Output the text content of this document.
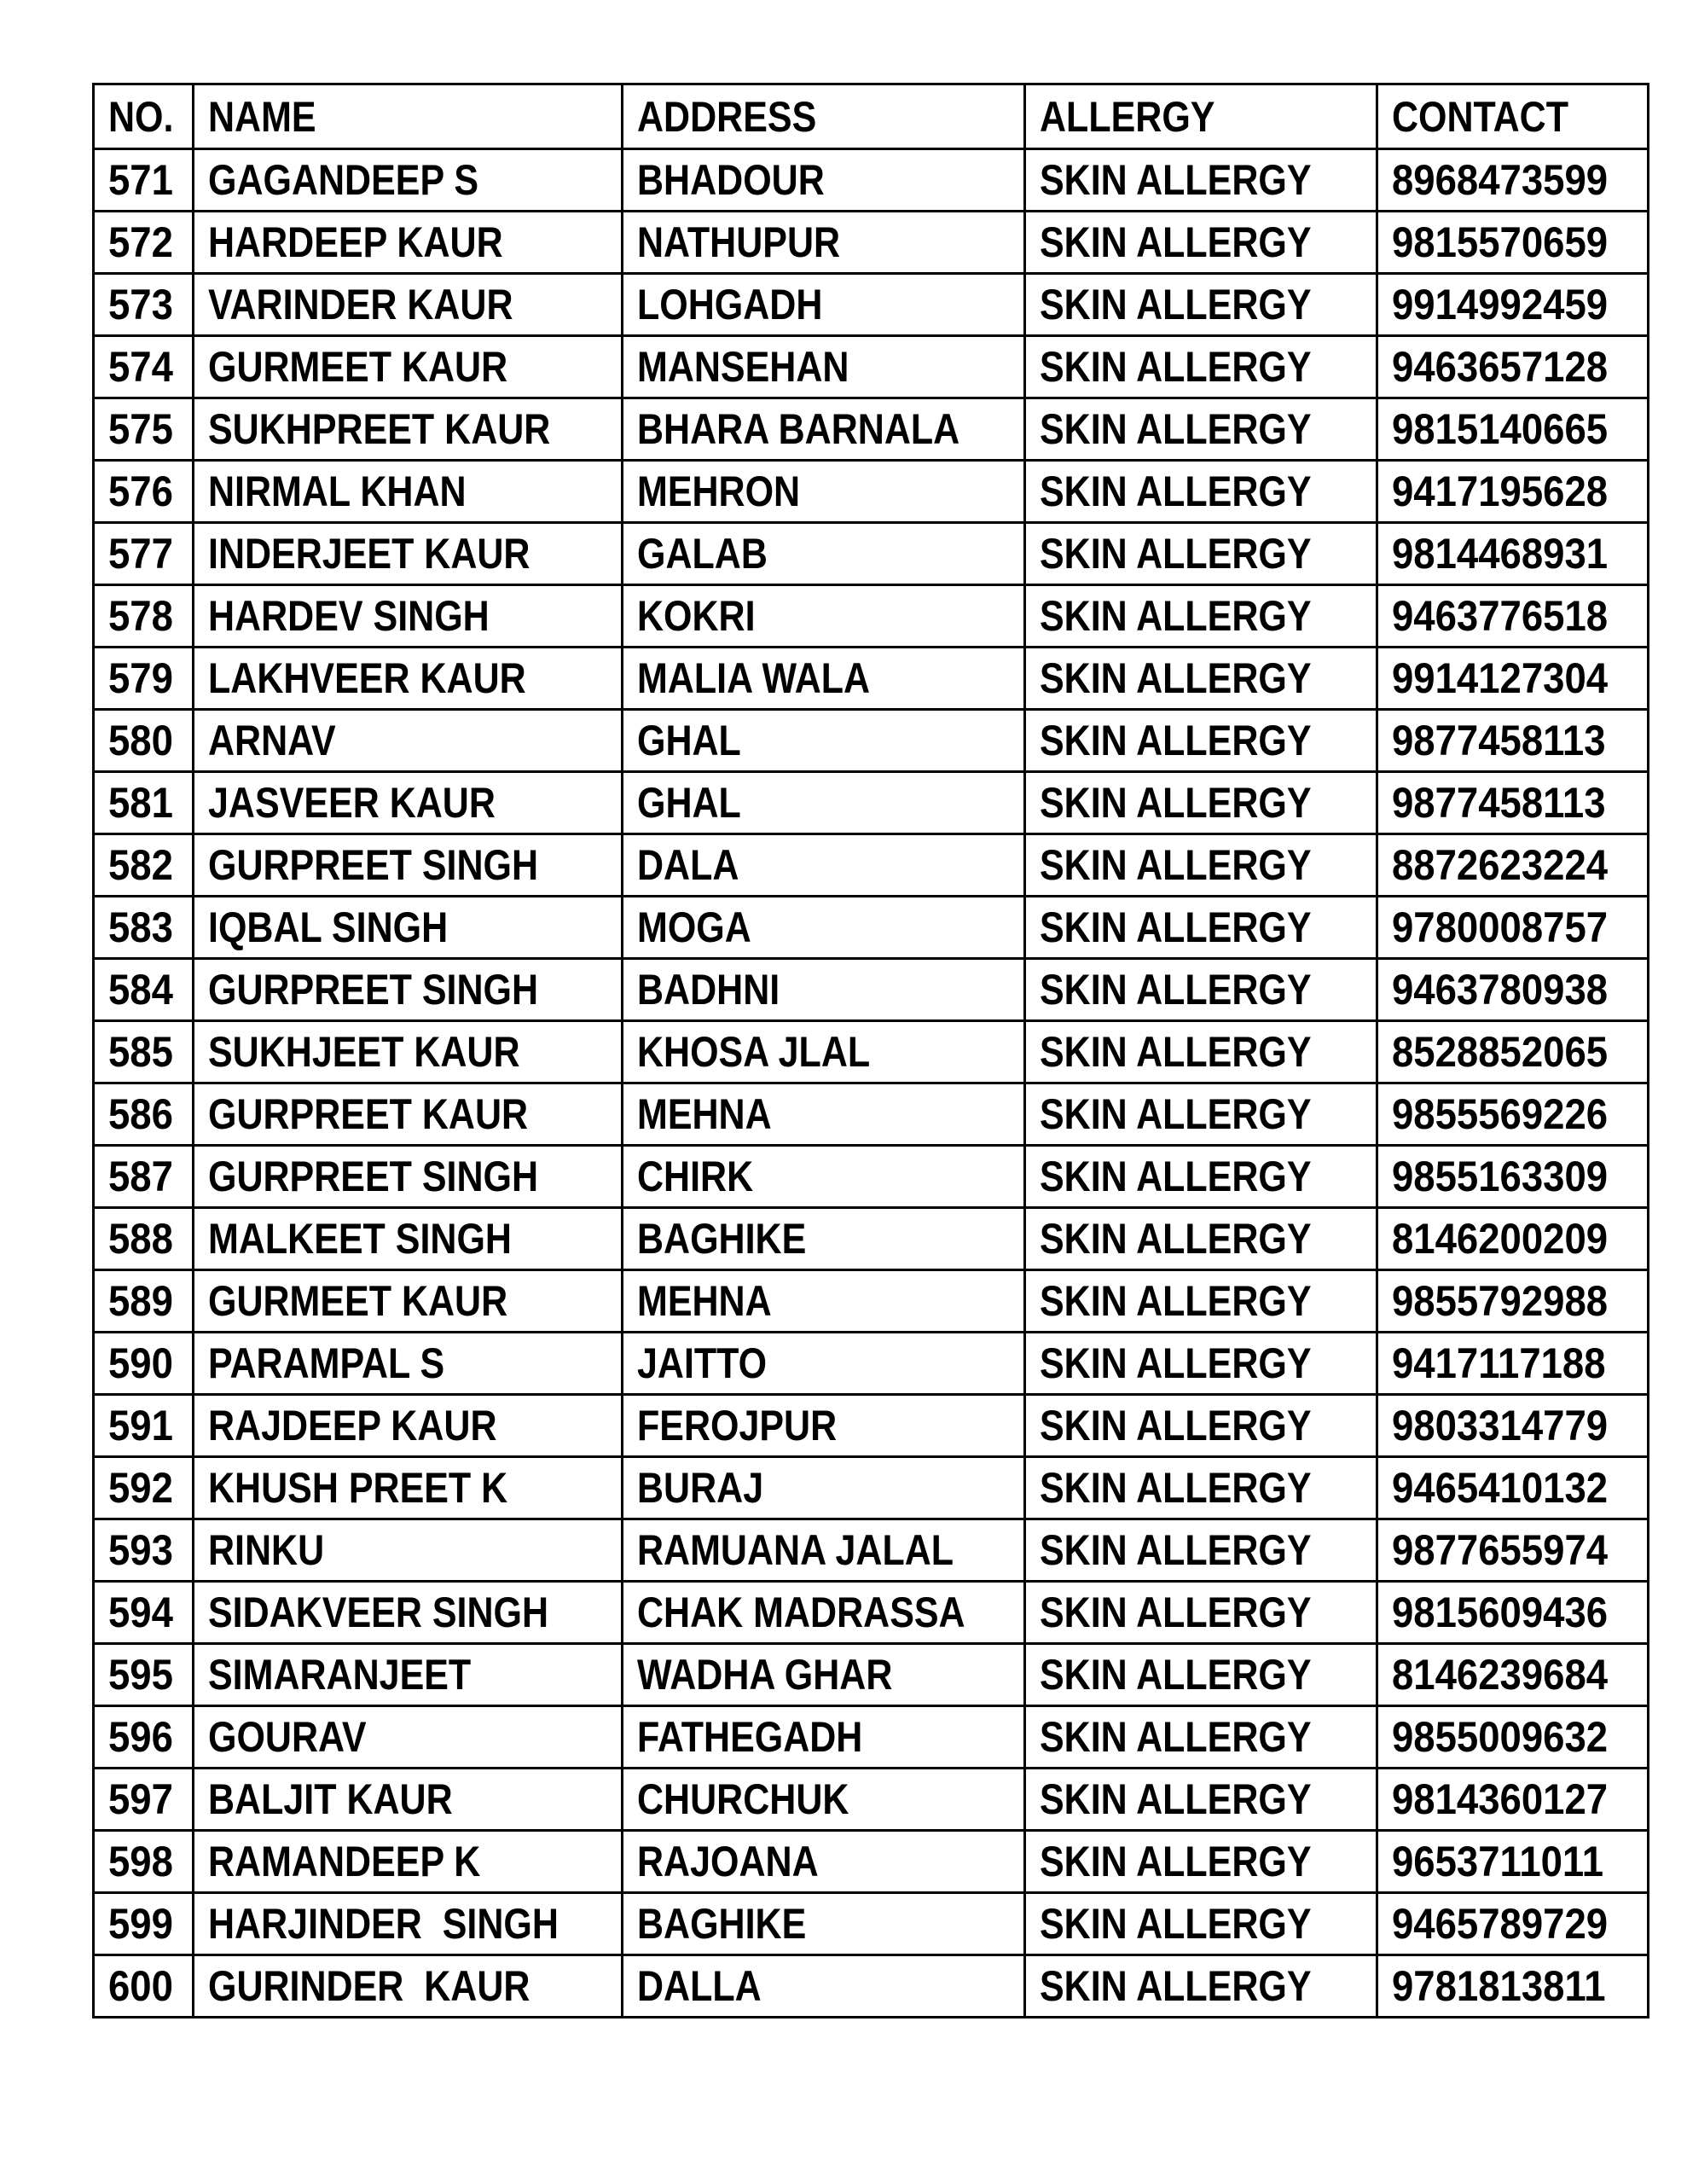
NO.	NAME	ADDRESS	ALLERGY	CONTACT
571	GAGANDEEP S	BHADOUR	SKIN ALLERGY	8968473599
572	HARDEEP KAUR	NATHUPUR	SKIN ALLERGY	9815570659
573	VARINDER KAUR	LOHGADH	SKIN ALLERGY	9914992459
574	GURMEET KAUR	MANSEHAN	SKIN ALLERGY	9463657128
575	SUKHPREET KAUR	BHARA BARNALA	SKIN ALLERGY	9815140665
576	NIRMAL KHAN	MEHRON	SKIN ALLERGY	9417195628
577	INDERJEET KAUR	GALAB	SKIN ALLERGY	9814468931
578	HARDEV SINGH	KOKRI	SKIN ALLERGY	9463776518
579	LAKHVEER KAUR	MALIA WALA	SKIN ALLERGY	9914127304
580	ARNAV	GHAL	SKIN ALLERGY	9877458113
581	JASVEER KAUR	GHAL	SKIN ALLERGY	9877458113
582	GURPREET SINGH	DALA	SKIN ALLERGY	8872623224
583	IQBAL SINGH	MOGA	SKIN ALLERGY	9780008757
584	GURPREET SINGH	BADHNI	SKIN ALLERGY	9463780938
585	SUKHJEET KAUR	KHOSA JLAL	SKIN ALLERGY	8528852065
586	GURPREET KAUR	MEHNA	SKIN ALLERGY	9855569226
587	GURPREET SINGH	CHIRK	SKIN ALLERGY	9855163309
588	MALKEET SINGH	BAGHIKE	SKIN ALLERGY	8146200209
589	GURMEET KAUR	MEHNA	SKIN ALLERGY	9855792988
590	PARAMPAL S	JAITTO	SKIN ALLERGY	9417117188
591	RAJDEEP KAUR	FEROJPUR	SKIN ALLERGY	9803314779
592	KHUSH PREET K	BURAJ	SKIN ALLERGY	9465410132
593	RINKU	RAMUANA JALAL	SKIN ALLERGY	9877655974
594	SIDAKVEER SINGH	CHAK MADRASSA	SKIN ALLERGY	9815609436
595	SIMARANJEET	WADHA GHAR	SKIN ALLERGY	8146239684
596	GOURAV	FATHEGADH	SKIN ALLERGY	9855009632
597	BALJIT KAUR	CHURCHUK	SKIN ALLERGY	9814360127
598	RAMANDEEP K	RAJOANA	SKIN ALLERGY	9653711011
599	HARJINDER  SINGH	BAGHIKE	SKIN ALLERGY	9465789729
600	GURINDER  KAUR	DALLA	SKIN ALLERGY	9781813811
